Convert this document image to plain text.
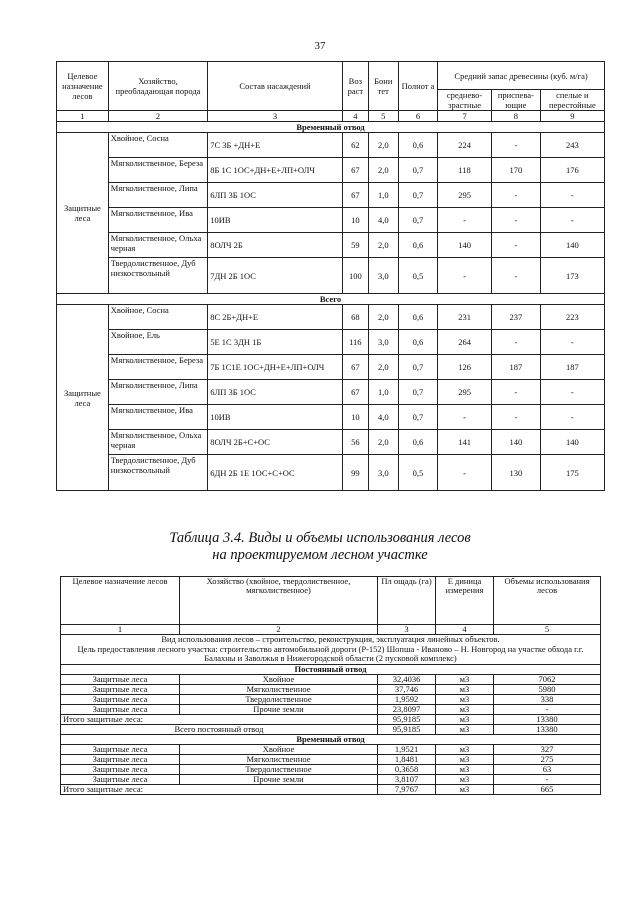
37
Целевое назначение лесов	Хозяйство, преобладающая порода	Состав насаждений	Воз раст	Бони тет	Полнот а	Средний запас древесины (куб. м/га)		
						среднево-зрастные	приспева-ющие	спелые и перестойные
1	2	3	4	5	6	7	8	9
Временный отвод								
Защитные леса	Хвойное, Сосна	7С 3Б +ДН+Е	62	2,0	0,6	224	-	243
	Мягколиственное, Береза	8Б 1С 1ОС+ДН+Е+ЛП+ОЛЧ	67	2,0	0,7	118	170	176
	Мягколиственное, Липа	6ЛП 3Б 1ОС	67	1,0	0,7	295	-	-
	Мягколиственное, Ива	10ИВ	10	4,0	0,7	-	-	-
	Мягколиственное, Ольха черная	8ОЛЧ 2Б	59	2,0	0,6	140	-	140
	Твердолиственное, Дуб низкоствольный	7ДН 2Б 1ОС	100	3,0	0,5	-	-	173
Всего								
Защитные леса	Хвойное, Сосна	8С 2Б+ДН+Е	68	2,0	0,6	231	237	223
	Хвойное, Ель	5Е 1С 3ДН 1Б	116	3,0	0,6	264	-	-
	Мягколиственное, Береза	7Б 1С1Е 1ОС+ДН+Е+ЛП+ОЛЧ	67	2,0	0,7	126	187	187
	Мягколиственное, Липа	6ЛП 3Б 1ОС	67	1,0	0,7	295	-	-
	Мягколиственное, Ива	10ИВ	10	4,0	0,7	-	-	-
	Мягколиственное, Ольха черная	8ОЛЧ 2Б+С+ОС	56	2,0	0,6	141	140	140
	Твердолиственное, Дуб низкоствольный	6ДН 2Б 1Е 1ОС+С+ОС	99	3,0	0,5	-	130	175
Таблица 3.4. Виды и объемы использования лесов
на проектируемом лесном участке
Целевое назначение лесов	Хозяйство (хвойное, твердолиственное, мягколиственное)	Пл ощадь (га)	Е диница измерения	Объемы использования лесов
1	2	3	4	5
Вид использования лесов – строительство, реконструкция, эксплуатация линейных объектов.				
Цель предоставления лесного участка: строительство автомобильной дороги (Р-152) Шопша - Иваново – Н. Новгород на участке обхода г.г. Балахны и Заволжья в Нижегородской области (2 пусковой комплекс)				
Постоянный отвод				
Защитные леса	Хвойное	32,4036	м3	7062
Защитные леса	Мягколиственное	37,746	м3	5980
Защитные леса	Твердолиственное	1,9592	м3	338
Защитные леса	Прочие земли	23,8097	м3	-
Итого защитные леса:		95,9185	м3	13380
Всего постоянный отвод		95,9185	м3	13380
Временный отвод				
Защитные леса	Хвойное	1,9521	м3	327
Защитные леса	Мягколиственное	1,8481	м3	275
Защитные леса	Твердолиственное	0,3658	м3	63
Защитные леса	Прочие земли	3,8107	м3	-
Итого защитные леса:		7,9767	м3	665
